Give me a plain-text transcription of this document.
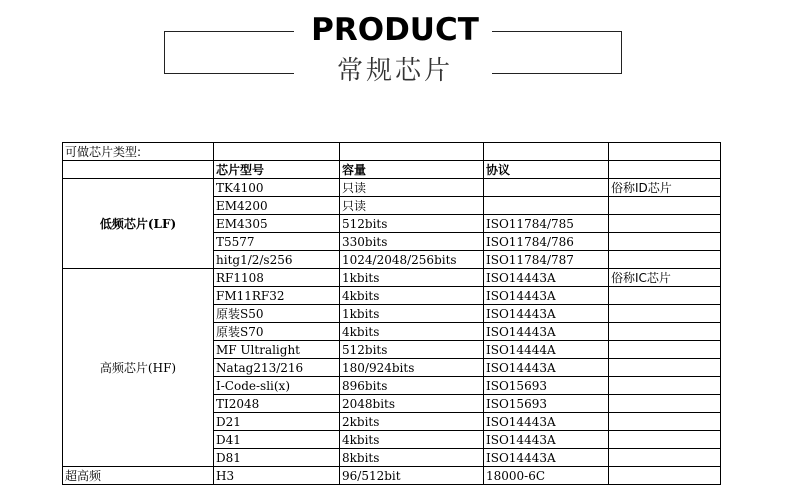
PRODUCT
常规芯片
可做芯片类型:				
	芯片型号	容量	协议	
低频芯片(LF)	TK4100	只读		俗称ID芯片
	EM4200	只读		
	EM4305	512bits	ISO11784/785	
	T5577	330bits	ISO11784/786	
	hitg1/2/s256	1024/2048/256bits	ISO11784/787	
高频芯片(HF)	RF1108	1kbits	ISO14443A	俗称IC芯片
	FM11RF32	4kbits	ISO14443A	
	原装S50	1kbits	ISO14443A	
	原装S70	4kbits	ISO14443A	
	MF Ultralight	512bits	ISO14444A	
	Natag213/216	180/924bits	ISO14443A	
	I-Code-sli(x)	896bits	ISO15693	
	TI2048	2048bits	ISO15693	
	D21	2kbits	ISO14443A	
	D41	4kbits	ISO14443A	
	D81	8kbits	ISO14443A	
超高频	H3	96/512bit	18000-6C	
